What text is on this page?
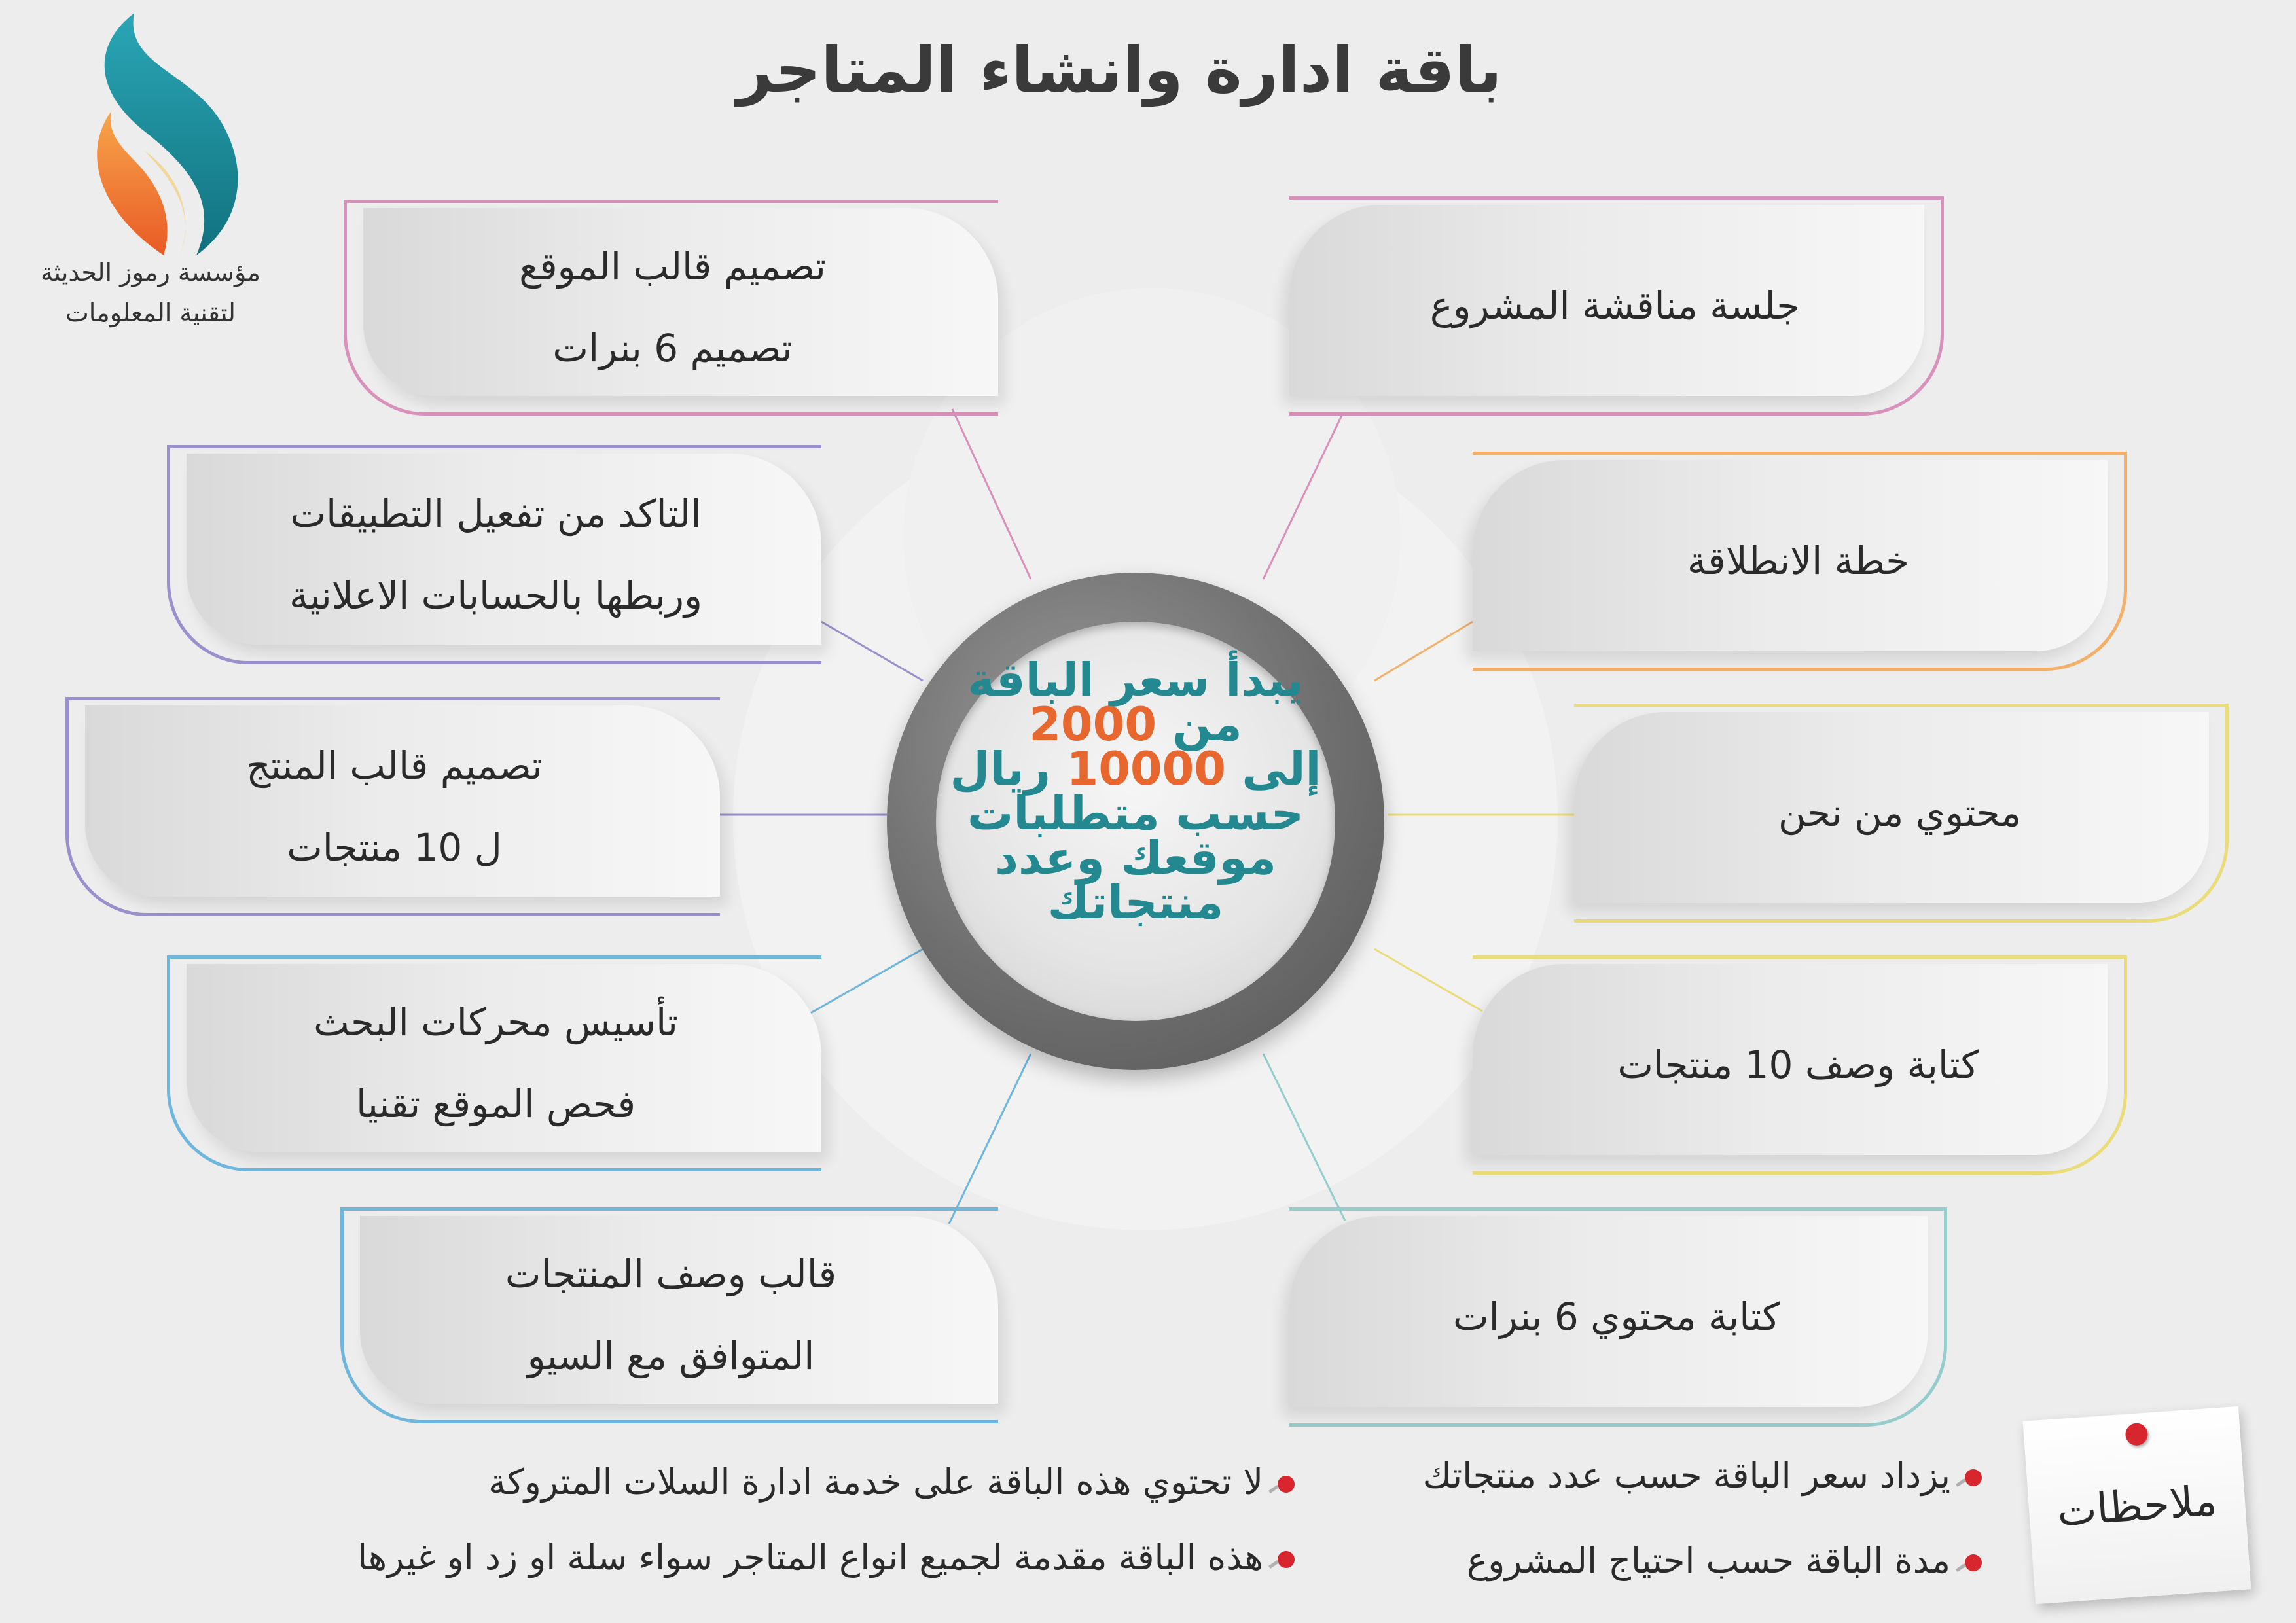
مؤسسة رموز الحديثة
لتقنية المعلومات
باقة ادارة وانشاء المتاجر
تصميم قالب الموقع
تصميم 6 بنرات
التاكد من تفعيل التطبيقات
وربطها بالحسابات الاعلانية
تصميم قالب المنتج
ل 10 منتجات
تأسيس محركات البحث
فحص الموقع تقنيا
قالب وصف المنتجات
المتوافق مع السيو
جلسة مناقشة المشروع
خطة الانطلاقة
محتوي من نحن
كتابة وصف 10 منتجات
كتابة محتوي 6 بنرات
يبدأ سعر الباقة
من 2000
إلى 10000 ريال
حسب متطلبات
موقعك وعدد
منتجاتك
ملاحظات
يزداد سعر الباقة حسب عدد منتجاتك
مدة الباقة حسب احتياج المشروع
لا تحتوي هذه الباقة على خدمة ادارة السلات المتروكة
هذه الباقة مقدمة لجميع انواع المتاجر سواء سلة او زد او غيرها
